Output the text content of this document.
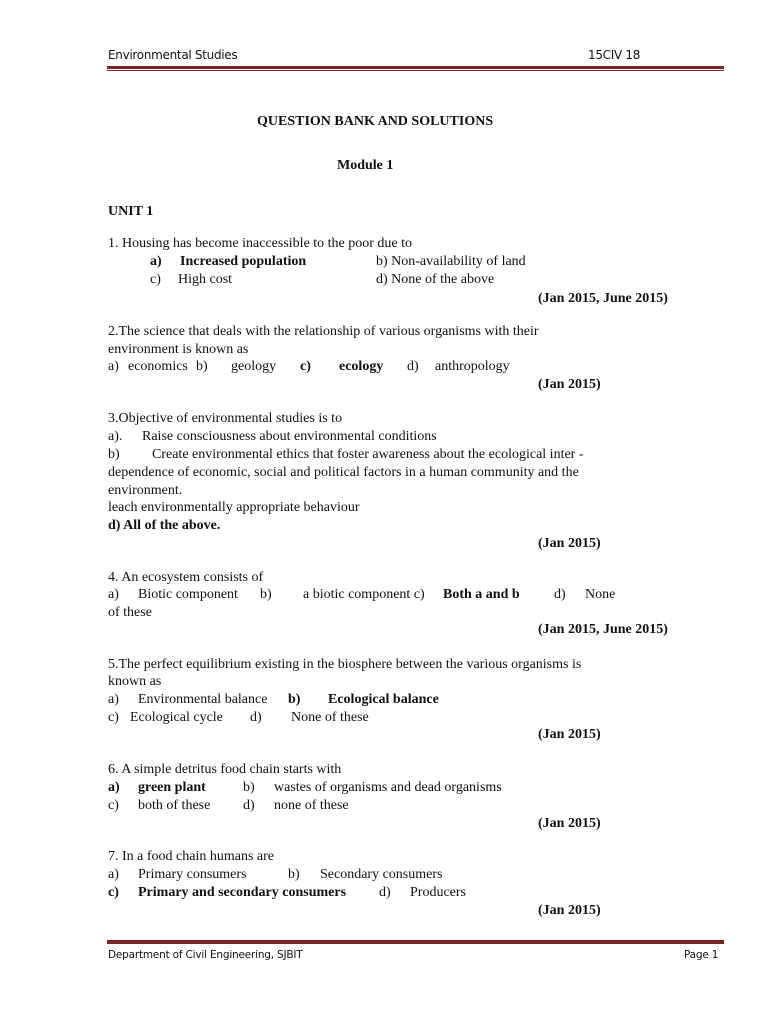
Environmental Studies	15CIV 18
QUESTION BANK AND SOLUTIONS
Module 1
UNIT 1
1. Housing has become inaccessible to the poor due to
a) Increased population	b) Non-availability of land
c) High cost	d) None of the above
(Jan 2015, June 2015)
2.The science that deals with the relationship of various organisms with their
environment is known as
a) economics b) geology c) ecology d) anthropology
(Jan 2015)
3.Objective of environmental studies is to
a). Raise consciousness about environmental conditions
b) Create environmental ethics that foster awareness about the ecological inter -
dependence of economic, social and political factors in a human community and the
environment.
leach environmentally appropriate behaviour
d) All of the above.
(Jan 2015)
4. An ecosystem consists of
a) Biotic component b) a biotic component c) Both a and b d) None
of these
(Jan 2015, June 2015)
5.The perfect equilibrium existing in the biosphere between the various organisms is
known as
a) Environmental balance b) Ecological balance
c) Ecological cycle d) None of these
(Jan 2015)
6. A simple detritus food chain starts with
a) green plant	b) wastes of organisms and dead organisms
c) both of these d) none of these
(Jan 2015)
7. In a food chain humans are
a) Primary consumers	b) Secondary consumers
c) Primary and secondary consumers d) Producers
(Jan 2015)
Department of Civil Engineering, SJBIT	Page 1
